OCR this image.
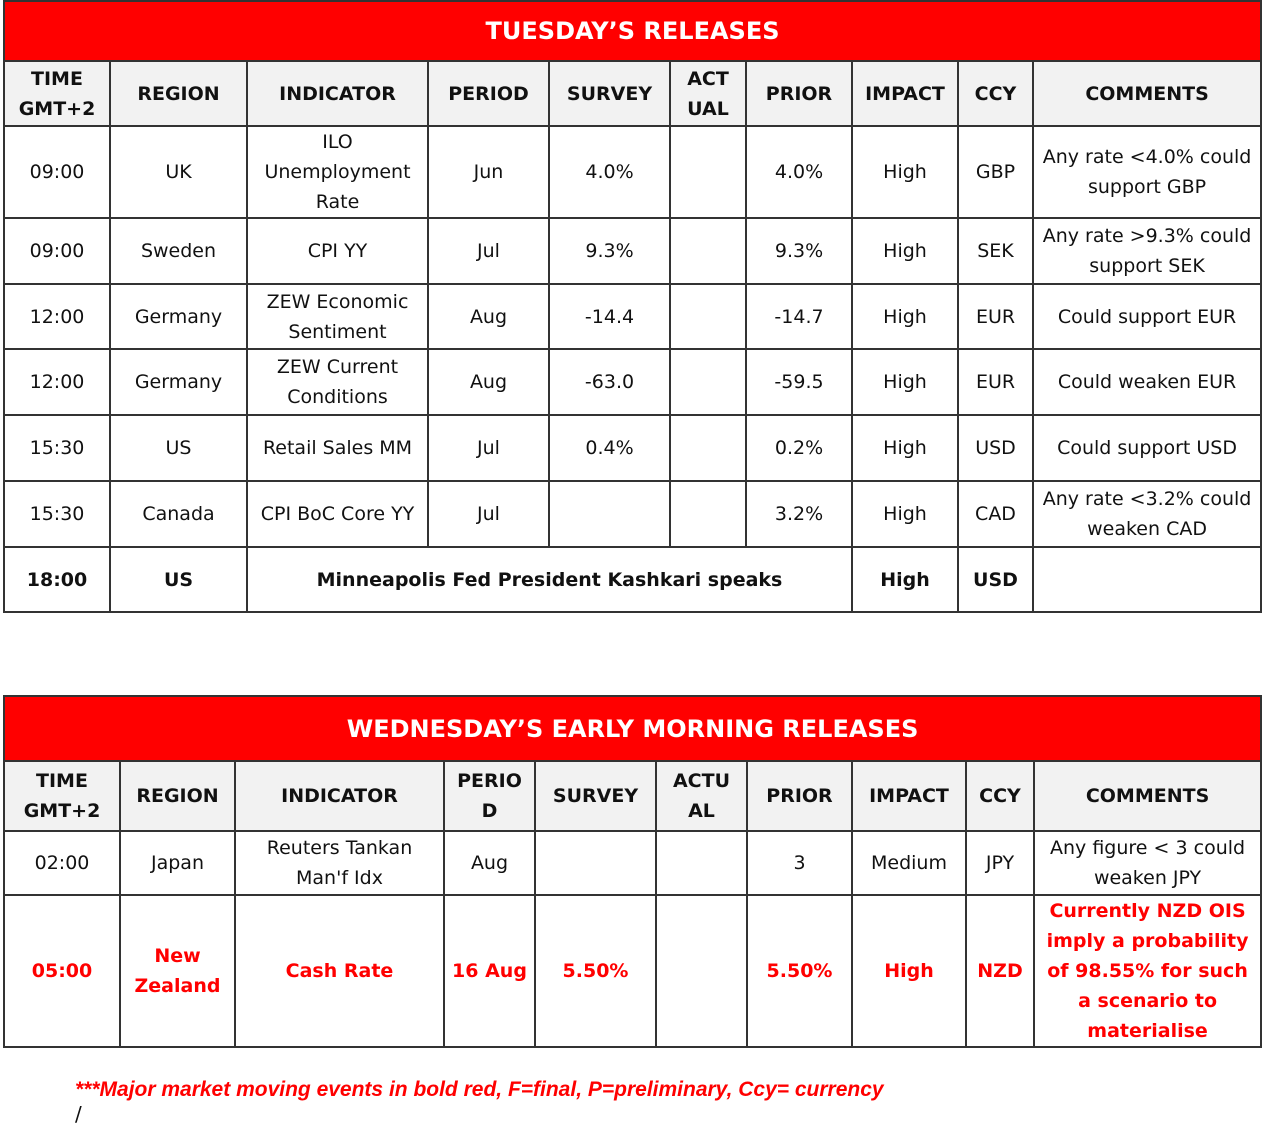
TUESDAY’S RELEASES									
TIME GMT+2	REGION	INDICATOR	PERIOD	SURVEY	ACT UAL	PRIOR	IMPACT	CCY	COMMENTS
09:00	UK	ILO Unemployment Rate	Jun	4.0%		4.0%	High	GBP	Any rate <4.0% could support GBP
09:00	Sweden	CPI YY	Jul	9.3%		9.3%	High	SEK	Any rate >9.3% could support SEK
12:00	Germany	ZEW Economic Sentiment	Aug	-14.4		-14.7	High	EUR	Could support EUR
12:00	Germany	ZEW Current Conditions	Aug	-63.0		-59.5	High	EUR	Could weaken EUR
15:30	US	Retail Sales MM	Jul	0.4%		0.2%	High	USD	Could support USD
15:30	Canada	CPI BoC Core YY	Jul			3.2%	High	CAD	Any rate <3.2% could weaken CAD
18:00	US	Minneapolis Fed President Kashkari speaks					High	USD	
WEDNESDAY’S EARLY MORNING RELEASES									
TIME GMT+2	REGION	INDICATOR	PERIO D	SURVEY	ACTU AL	PRIOR	IMPACT	CCY	COMMENTS
02:00	Japan	Reuters Tankan Man'f Idx	Aug			3	Medium	JPY	Any figure < 3 could weaken JPY
05:00	New Zealand	Cash Rate	16 Aug	5.50%		5.50%	High	NZD	Currently NZD OIS imply a probability of 98.55% for such a scenario to materialise
***Major market moving events in bold red, F=final, P=preliminary, Ccy= currency
/
